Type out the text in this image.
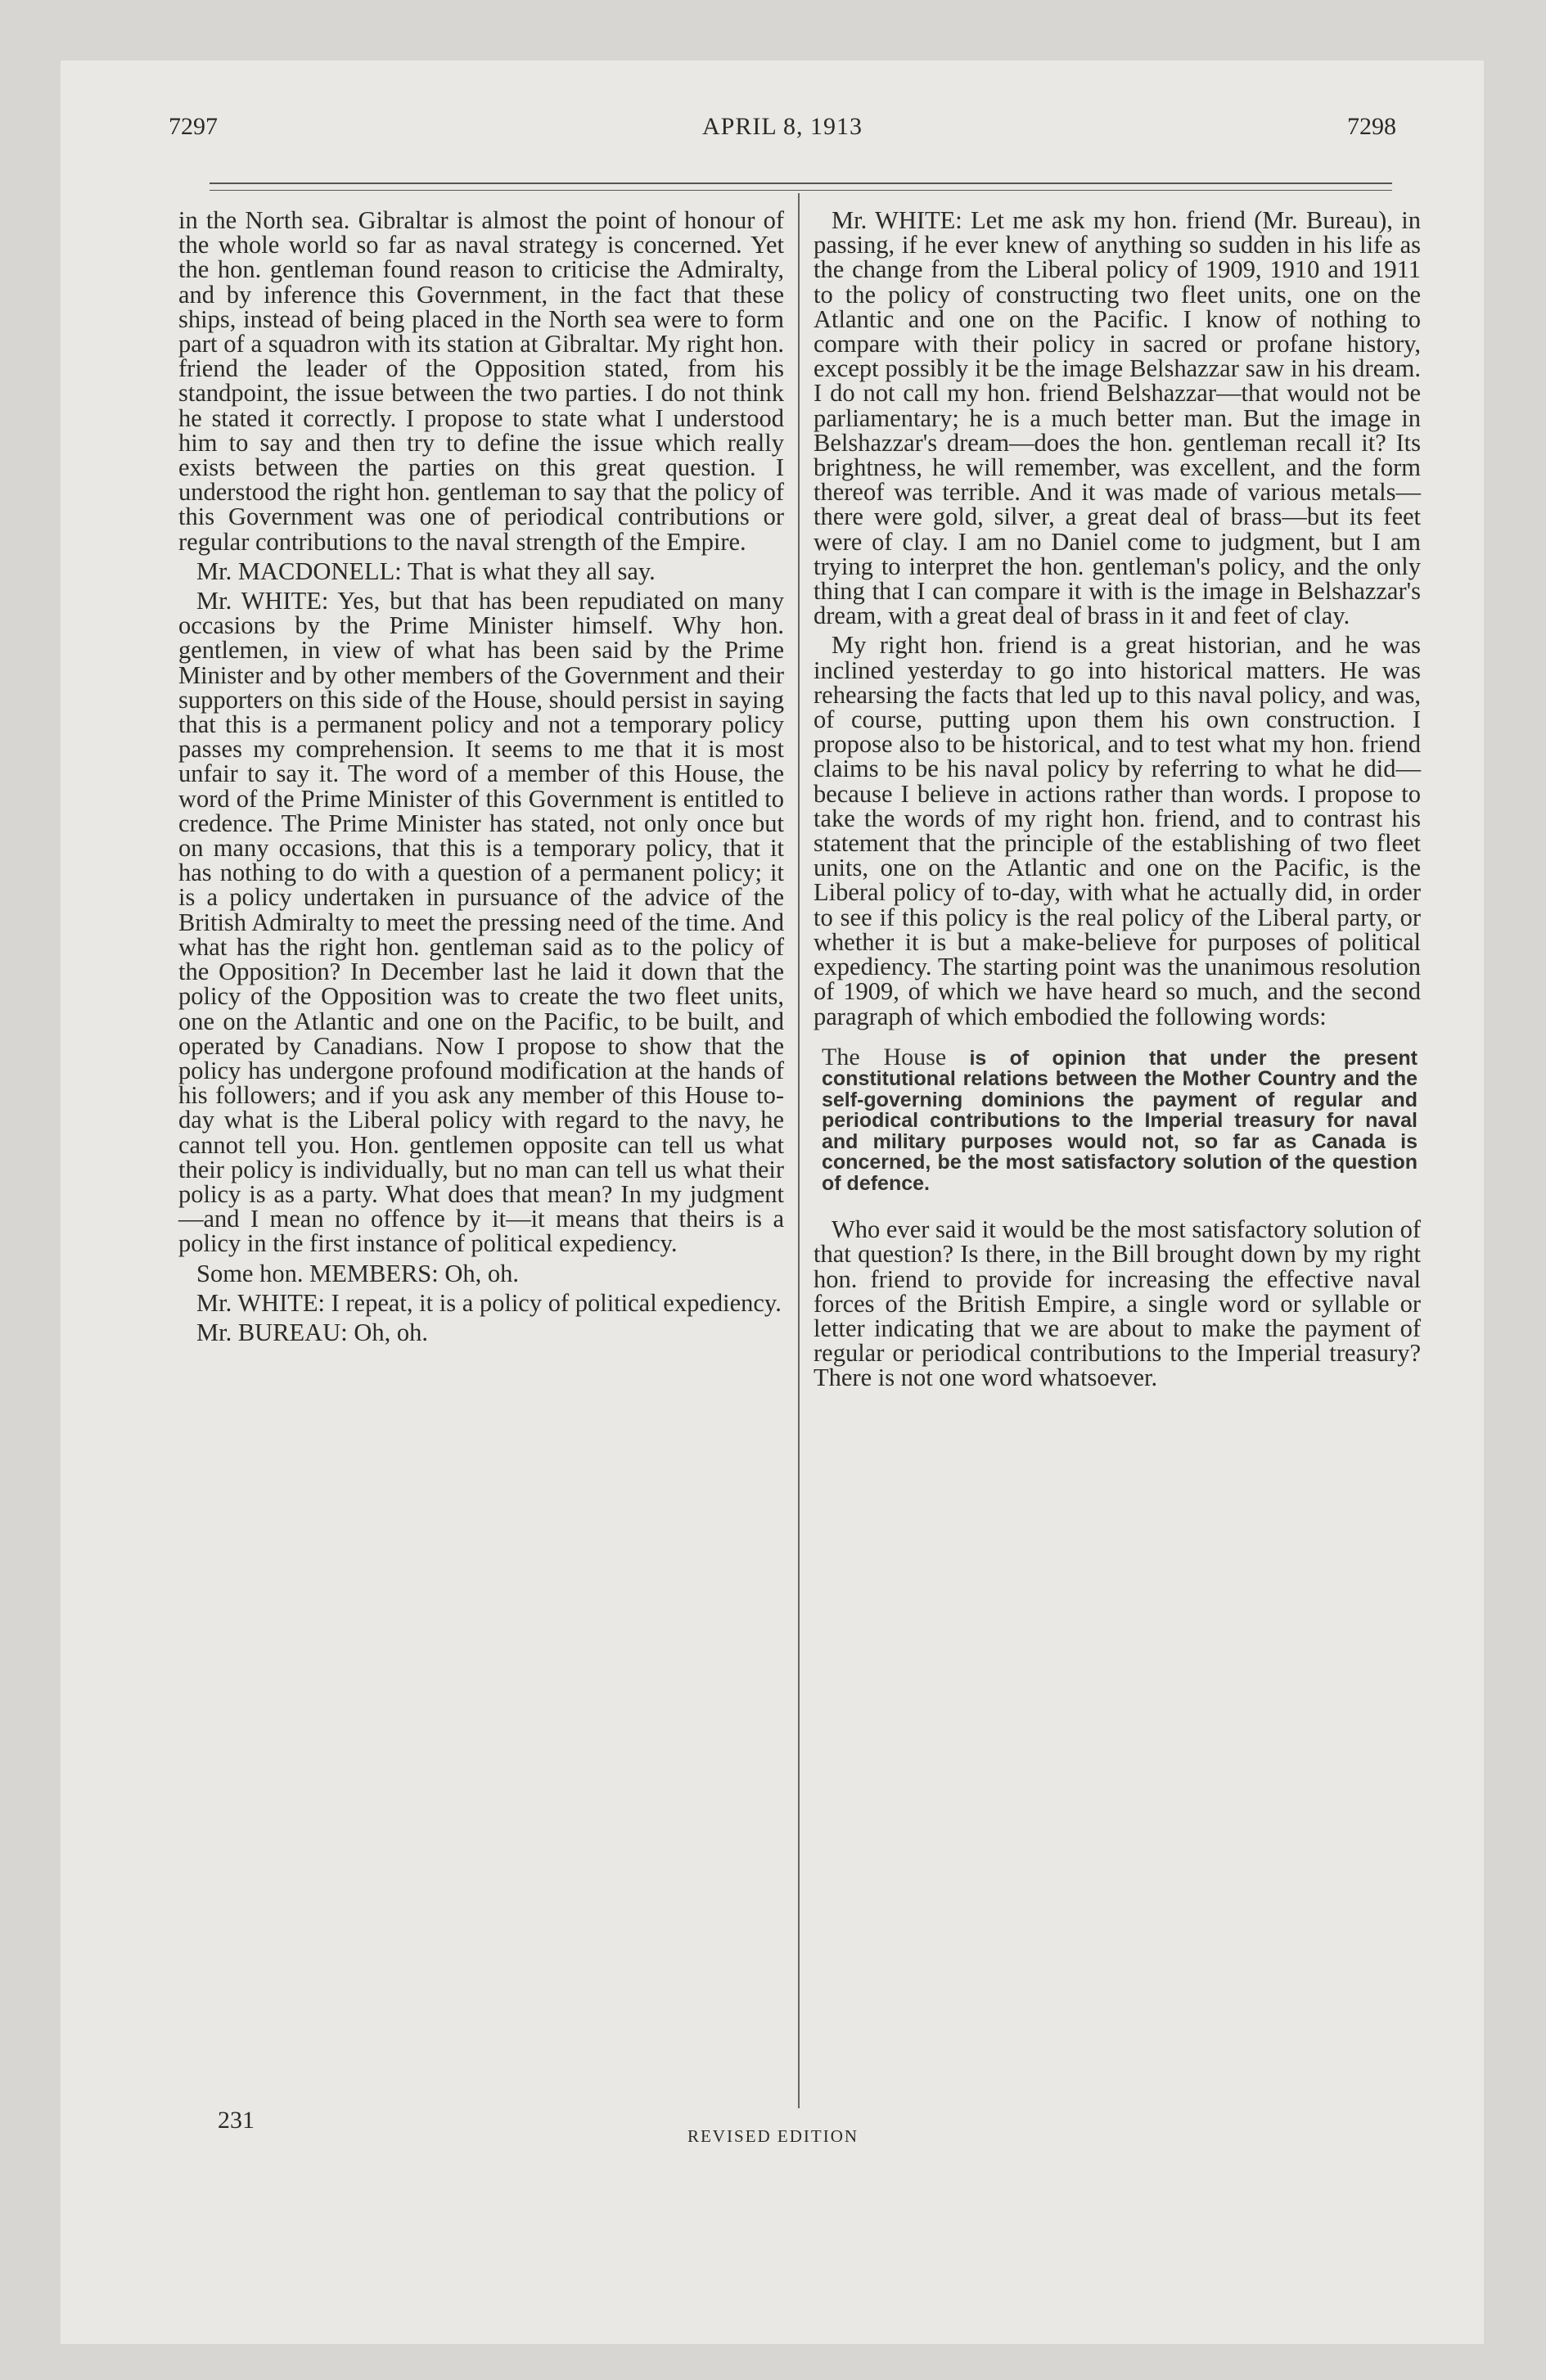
7297	APRIL 8, 1913	7298

in the North sea. Gibraltar is almost the point of honour of the whole world so far as naval strategy is concerned. Yet the hon. gentleman found reason to criticise the Admiralty, and by inference this Government, in the fact that these ships, instead of being placed in the North sea were to form part of a squadron with its station at Gibraltar. My right hon. friend the leader of the Opposition stated, from his standpoint, the issue between the two parties. I do not think he stated it correctly. I propose to state what I understood him to say and then try to define the issue which really exists between the parties on this great question. I understood the right hon. gentleman to say that the policy of this Government was one of periodical contributions or regular contributions to the naval strength of the Empire.

Mr. MACDONELL: That is what they all say.

Mr. WHITE: Yes, but that has been repudiated on many occasions by the Prime Minister himself. Why hon. gentlemen, in view of what has been said by the Prime Minister and by other members of the Government and their supporters on this side of the House, should persist in saying that this is a permanent policy and not a temporary policy passes my comprehension. It seems to me that it is most unfair to say it. The word of a member of this House, the word of the Prime Minister of this Government is entitled to credence. The Prime Minister has stated, not only once but on many occasions, that this is a temporary policy, that it has nothing to do with a question of a permanent policy; it is a policy undertaken in pursuance of the advice of the British Admiralty to meet the pressing need of the time. And what has the right hon. gentleman said as to the policy of the Opposition? In December last he laid it down that the policy of the Opposition was to create the two fleet units, one on the Atlantic and one on the Pacific, to be built, and operated by Canadians. Now I propose to show that the policy has undergone profound modification at the hands of his followers; and if you ask any member of this House to-day what is the Liberal policy with regard to the navy, he cannot tell you. Hon. gentlemen opposite can tell us what their policy is individually, but no man can tell us what their policy is as a party. What does that mean? In my judgment—and I mean no offence by it—it means that theirs is a policy in the first instance of political expediency.

Some hon. MEMBERS: Oh, oh.

Mr. WHITE: I repeat, it is a policy of political expediency.

Mr. BUREAU: Oh, oh.

Mr. WHITE: Let me ask my hon. friend (Mr. Bureau), in passing, if he ever knew of anything so sudden in his life as the change from the Liberal policy of 1909, 1910 and 1911 to the policy of constructing two fleet units, one on the Atlantic and one on the Pacific. I know of nothing to compare with their policy in sacred or profane history, except possibly it be the image Belshazzar saw in his dream. I do not call my hon. friend Belshazzar—that would not be parliamentary; he is a much better man. But the image in Belshazzar's dream—does the hon. gentleman recall it? Its brightness, he will remember, was excellent, and the form thereof was terrible. And it was made of various metals—there were gold, silver, a great deal of brass—but its feet were of clay. I am no Daniel come to judgment, but I am trying to interpret the hon. gentleman's policy, and the only thing that I can compare it with is the image in Belshazzar's dream, with a great deal of brass in it and feet of clay.

My right hon. friend is a great historian, and he was inclined yesterday to go into historical matters. He was rehearsing the facts that led up to this naval policy, and was, of course, putting upon them his own construction. I propose also to be historical, and to test what my hon. friend claims to be his naval policy by referring to what he did—because I believe in actions rather than words. I propose to take the words of my right hon. friend, and to contrast his statement that the principle of the establishing of two fleet units, one on the Atlantic and one on the Pacific, is the Liberal policy of to-day, with what he actually did, in order to see if this policy is the real policy of the Liberal party, or whether it is but a make-believe for purposes of political expediency. The starting point was the unanimous resolution of 1909, of which we have heard so much, and the second paragraph of which embodied the following words:

The House is of opinion that under the present constitutional relations between the Mother Country and the self-governing dominions the payment of regular and periodical contributions to the Imperial treasury for naval and military purposes would not, so far as Canada is concerned, be the most satisfactory solution of the question of defence.

Who ever said it would be the most satisfactory solution of that question? Is there, in the Bill brought down by my right hon. friend to provide for increasing the effective naval forces of the British Empire, a single word or syllable or letter indicating that we are about to make the payment of regular or periodical contributions to the Imperial treasury? There is not one word whatsoever.

231
REVISED EDITION
